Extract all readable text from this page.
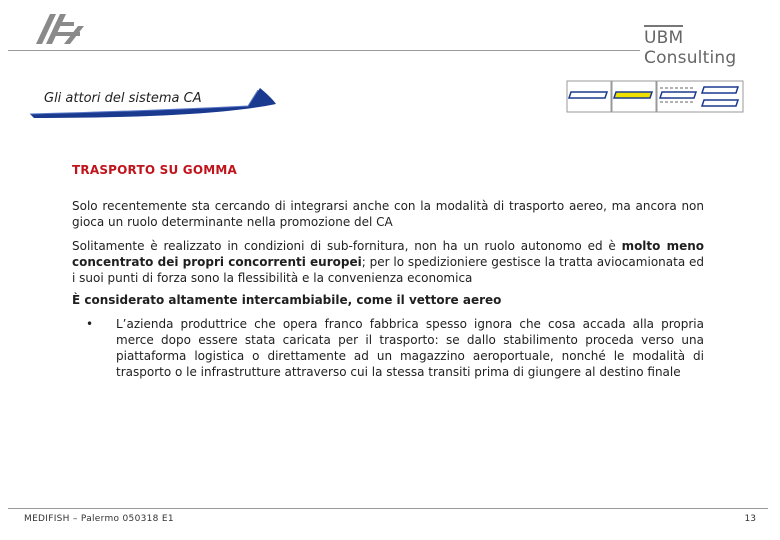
UBM Consulting
Gli attori del sistema CA
TRASPORTO SU GOMMA

Solo recentemente sta cercando di integrarsi anche con la modalità di trasporto aereo, ma ancora non gioca un ruolo determinante nella promozione del CA

Solitamente è realizzato in condizioni di sub-fornitura, non ha un ruolo autonomo ed è molto meno concentrato dei propri concorrenti europei; per lo spedizioniere gestisce la tratta aviocamionata ed i suoi punti di forza sono la flessibilità e la convenienza economica

È considerato altamente intercambiabile, come il vettore aereo

• L’azienda produttrice che opera franco fabbrica spesso ignora che cosa accada alla propria merce dopo essere stata caricata per il trasporto: se dallo stabilimento proceda verso una piattaforma logistica o direttamente ad un magazzino aeroportuale, nonché le modalità di trasporto o le infrastrutture attraverso cui la stessa transiti prima di giungere al destino finale
MEDIFISH – Palermo 050318 E1	13
